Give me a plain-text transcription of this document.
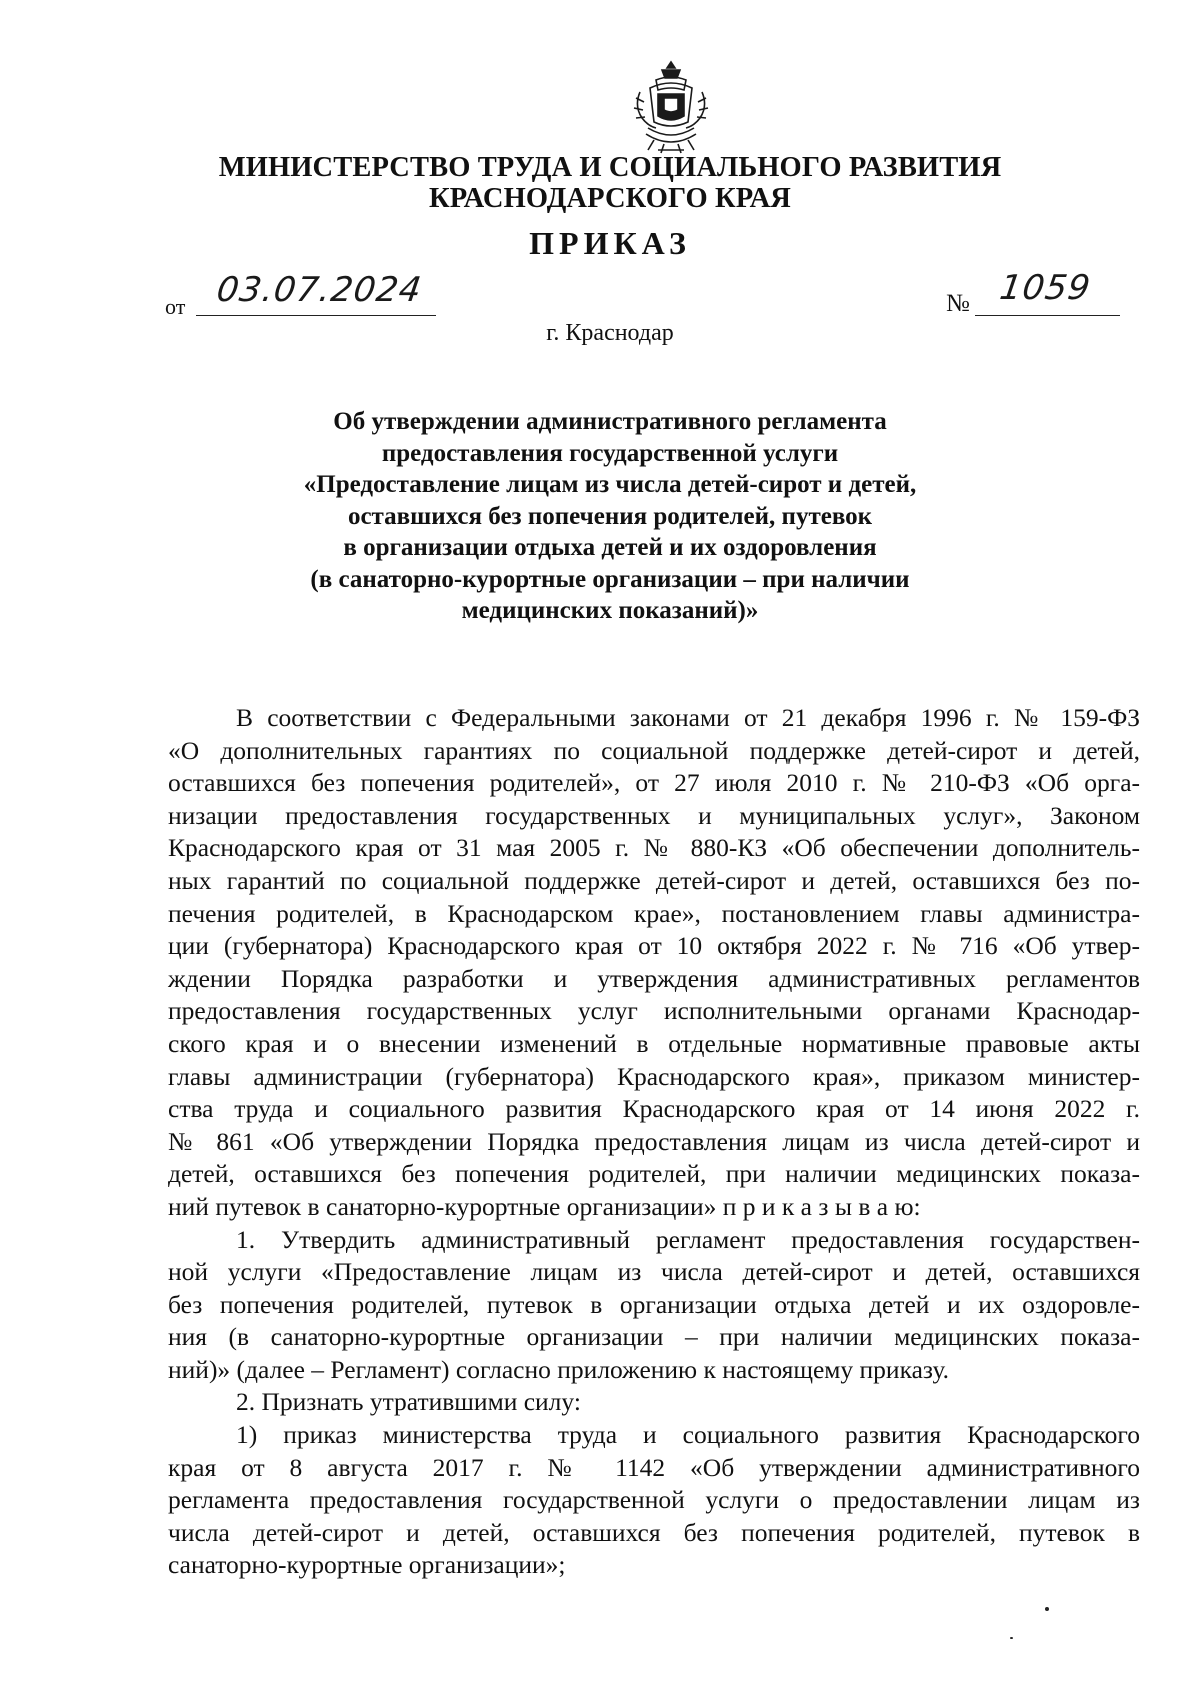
МИНИСТЕРСТВО ТРУДА И СОЦИАЛЬНОГО РАЗВИТИЯ
КРАСНОДАРСКОГО КРАЯ
ПРИКАЗ
от 03.07.2024	№ 1059
г. Краснодар
Об утверждении административного регламента
предоставления государственной услуги
«Предоставление лицам из числа детей-сирот и детей,
оставшихся без попечения родителей, путевок
в организации отдыха детей и их оздоровления
(в санаторно-курортные организации – при наличии
медицинских показаний)»
В соответствии с Федеральными законами от 21 декабря 1996 г. № 159-ФЗ
«О дополнительных гарантиях по социальной поддержке детей-сирот и детей,
оставшихся без попечения родителей», от 27 июля 2010 г. № 210-ФЗ «Об орга-
низации предоставления государственных и муниципальных услуг», Законом
Краснодарского края от 31 мая 2005 г. № 880-КЗ «Об обеспечении дополнитель-
ных гарантий по социальной поддержке детей-сирот и детей, оставшихся без по-
печения родителей, в Краснодарском крае», постановлением главы администра-
ции (губернатора) Краснодарского края от 10 октября 2022 г. № 716 «Об утвер-
ждении Порядка разработки и утверждения административных регламентов
предоставления государственных услуг исполнительными органами Краснодар-
ского края и о внесении изменений в отдельные нормативные правовые акты
главы администрации (губернатора) Краснодарского края», приказом министер-
ства труда и социального развития Краснодарского края от 14 июня 2022 г.
№ 861 «Об утверждении Порядка предоставления лицам из числа детей-сирот и
детей, оставшихся без попечения родителей, при наличии медицинских показа-
ний путевок в санаторно-курортные организации» п р и к а з ы в а ю:
1. Утвердить административный регламент предоставления государствен-
ной услуги «Предоставление лицам из числа детей-сирот и детей, оставшихся
без попечения родителей, путевок в организации отдыха детей и их оздоровле-
ния (в санаторно-курортные организации – при наличии медицинских показа-
ний)» (далее – Регламент) согласно приложению к настоящему приказу.
2. Признать утратившими силу:
1) приказ министерства труда и социального развития Краснодарского
края от 8 августа 2017 г. № 1142 «Об утверждении административного
регламента предоставления государственной услуги о предоставлении лицам из
числа детей-сирот и детей, оставшихся без попечения родителей, путевок в
санаторно-курортные организации»;
